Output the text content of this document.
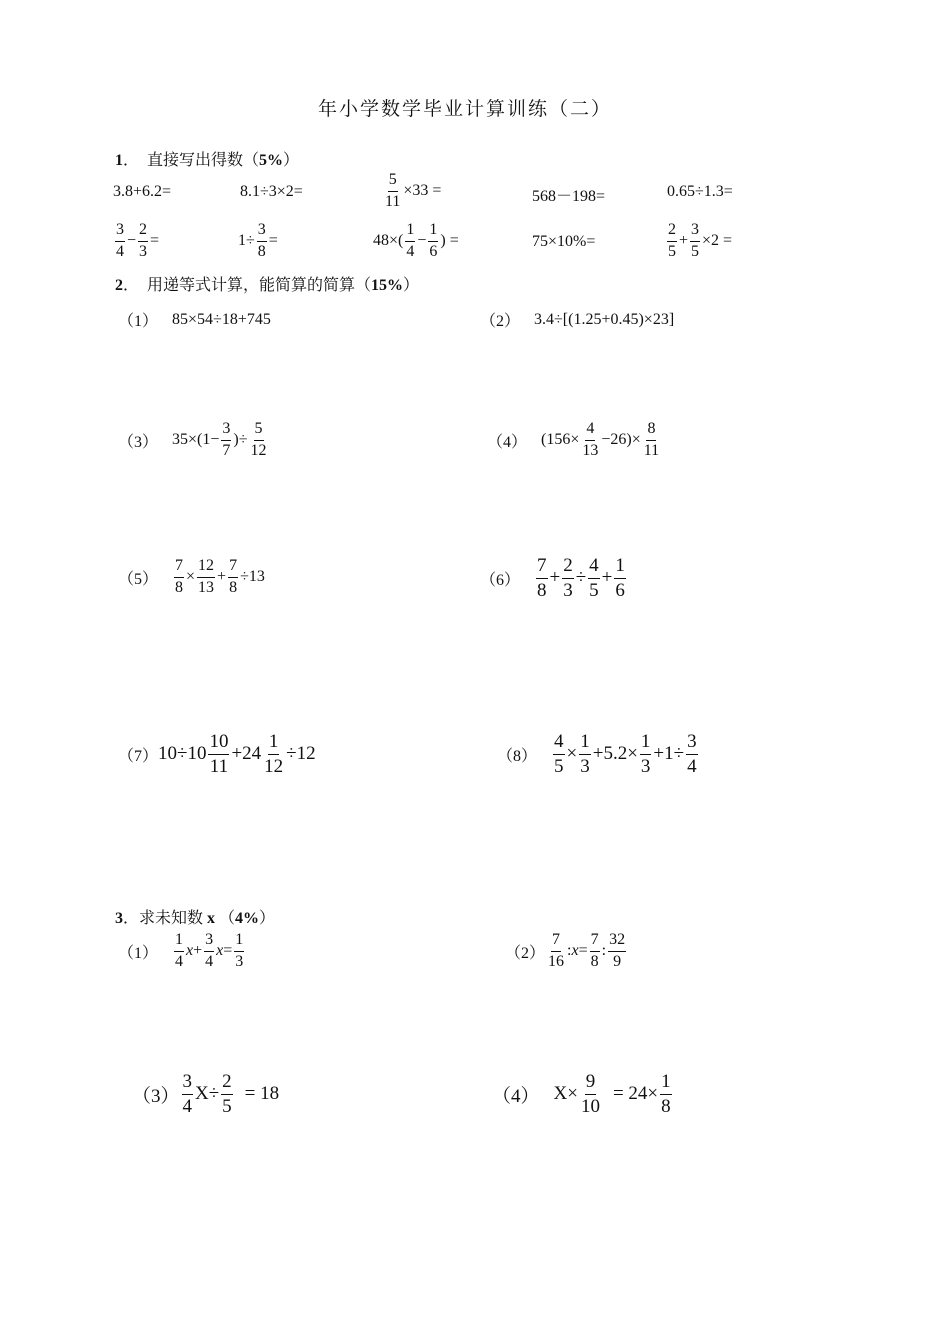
年小学数学毕业计算训练（二）
1．  直接写出得数（5%）
3.8+6.2=	8.1÷3×2=	$\frac{5}{11} \times 33$ =	568－198=	0.65÷1.3=
$\frac{3}{4} - \frac{2}{3}$ =	$1\div \frac{3}{8}$ =	$48\times( \frac{1}{4} - \frac{1}{6}$ ) =	75×10%=	$\frac{2}{5} + \frac{3}{5} \times 2$ =
2．  用递等式计算，能简算的简算（15%）
（1） 85×54÷18+745	（2） 3.4÷[(1.25+0.45)×23]
（3） $35\times(1- \frac{3}{7}$ )÷ $\frac{5}{12}$	（4） $(156\times \frac{4}{13} -26)\times \frac{8}{11}$
$(5) \frac{7}{8} \times \frac{12}{13} + \frac{7}{8} \div 13$	$(6) \frac{7}{8} + \frac{2}{3} \div \frac{4}{5} + \frac{1}{6}$
（7） $10\div 10 \frac{10}{11} +24 \frac{1}{12} \div 12$	$(8) \frac{4}{5} \times \frac{1}{3} +5.2\times \frac{1}{3} +1\div \frac{3}{4}$
3．求未知数 x （4%）
$(1) \frac{1}{4}$ $x + \frac{3}{4}$ $x = \frac{1}{3}$	$(2) \frac{7}{16}$ : $x = \frac{7}{8}$ : $\frac{32}{9}$
$(3) \frac{3}{4} X\div \frac{2}{5} = 18$	（4） $X\times \frac{9}{10} = 24\times \frac{1}{8}$
